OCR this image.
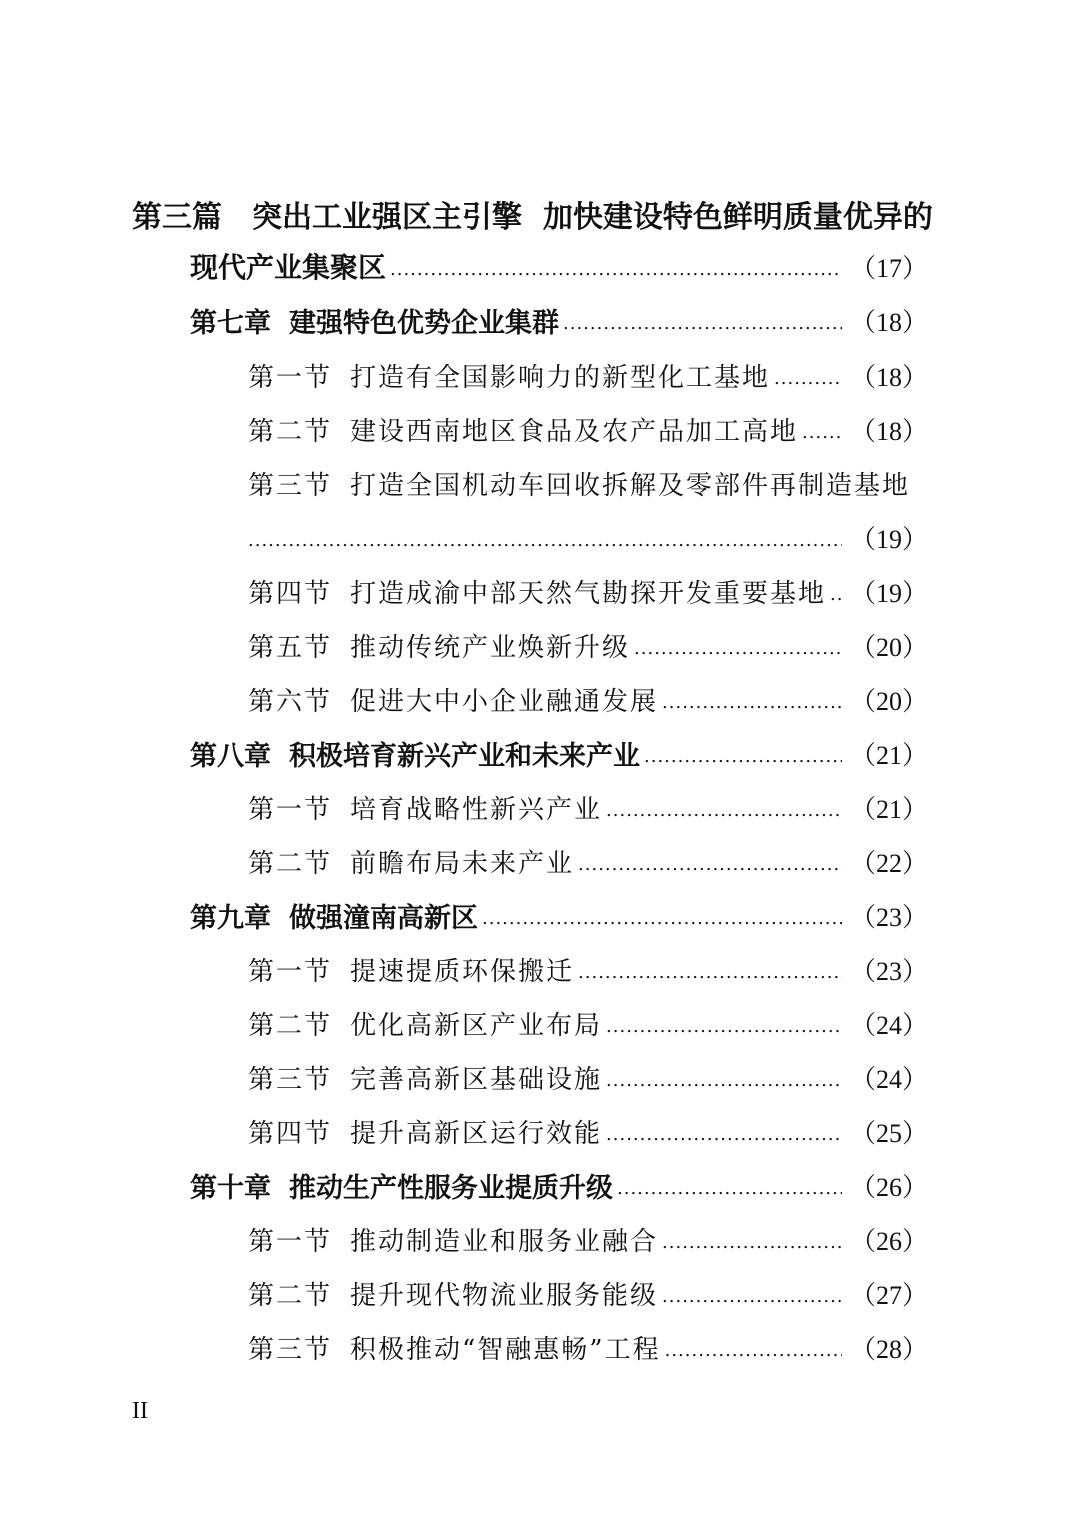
第三篇 突出工业强区主引擎  加快建设特色鲜明质量优异的
现代产业集聚区 .....	（17）
第七章 建强特色优势企业集群 .....	（18）
第一节 打造有全国影响力的新型化工基地 .....	（18）
第二节 建设西南地区食品及农产品加工高地 ..... （18）
第三节 打造全国机动车回收拆解及零部件再制造基地
.....
（19）
第四节 打造成渝中部天然气勘探开发重要基地 ..... （19）
第五节 推动传统产业焕新升级 .....	（20）
第六节 促进大中小企业融通发展 .....	（20）
第八章 积极培育新兴产业和未来产业 .....	（21）
第一节 培育战略性新兴产业 .....	（21）
第二节 前瞻布局未来产业 .....	（22）
第九章 做强潼南高新区 .....	（23）
第一节 提速提质环保搬迁 .....	（23）
第二节 优化高新区产业布局 .....	（24）
第三节 完善高新区基础设施 .....	（24）
第四节 提升高新区运行效能 .....	（25）
第十章 推动生产性服务业提质升级 .....	（26）
第一节 推动制造业和服务业融合 .....	（26）
第二节 提升现代物流业服务能级 .....	（27）
第三节 积极推动“智融惠畅”工程 .....	（28）
II
